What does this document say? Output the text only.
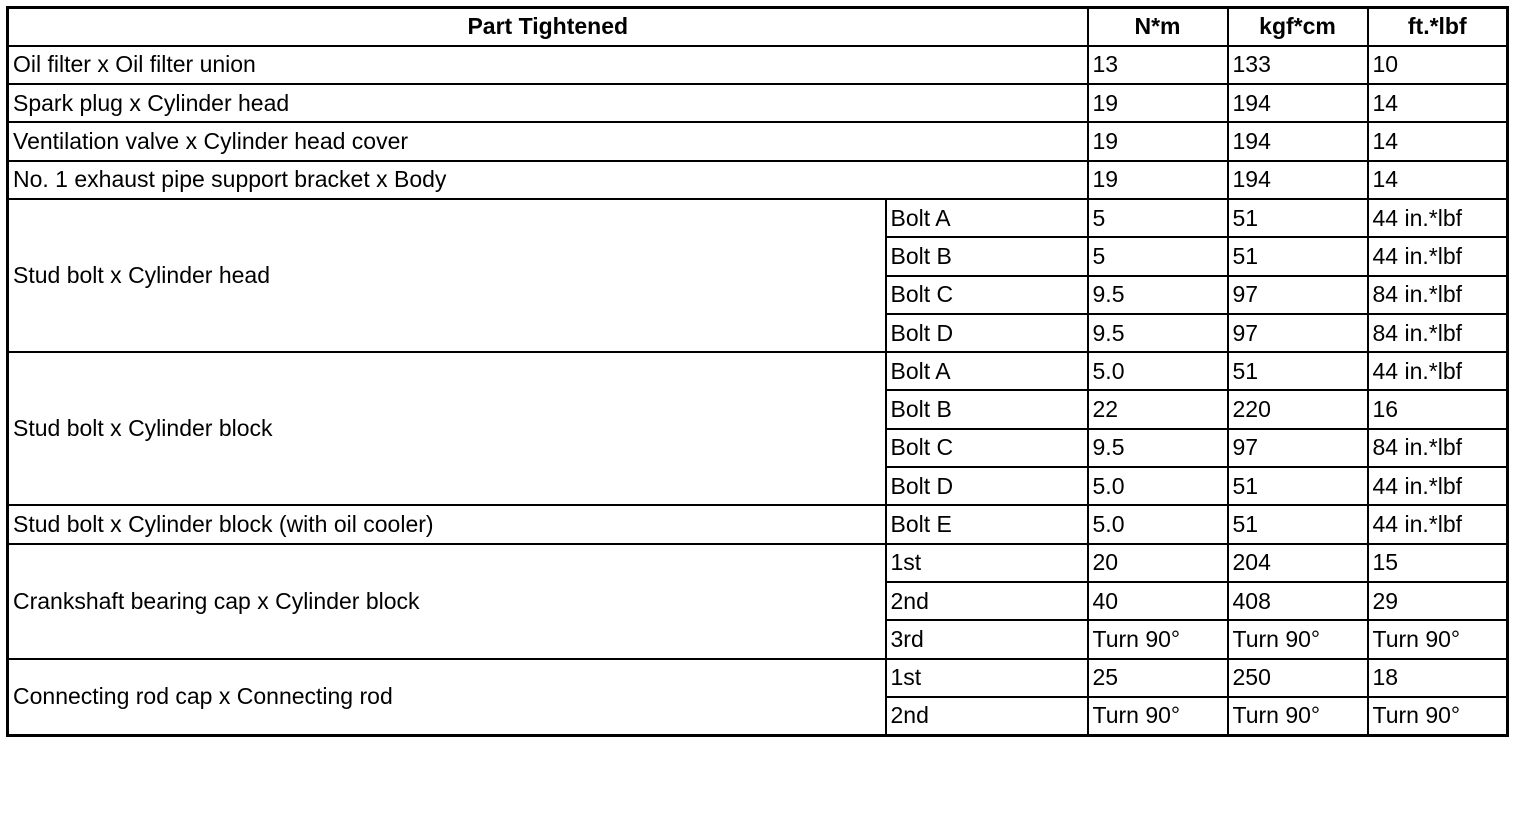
Part Tightened		N*m	kgf*cm	ft.*lbf
Oil filter x Oil filter union		13	133	10
Spark plug x Cylinder head		19	194	14
Ventilation valve x Cylinder head cover		19	194	14
No. 1 exhaust pipe support bracket x Body		19	194	14
Stud bolt x Cylinder head	Bolt A	5	51	44 in.*lbf
	Bolt B	5	51	44 in.*lbf
	Bolt C	9.5	97	84 in.*lbf
	Bolt D	9.5	97	84 in.*lbf
Stud bolt x Cylinder block	Bolt A	5.0	51	44 in.*lbf
	Bolt B	22	220	16
	Bolt C	9.5	97	84 in.*lbf
	Bolt D	5.0	51	44 in.*lbf
Stud bolt x Cylinder block (with oil cooler)	Bolt E	5.0	51	44 in.*lbf
Crankshaft bearing cap x Cylinder block	1st	20	204	15
	2nd	40	408	29
	3rd	Turn 90°	Turn 90°	Turn 90°
Connecting rod cap x Connecting rod	1st	25	250	18
	2nd	Turn 90°	Turn 90°	Turn 90°
